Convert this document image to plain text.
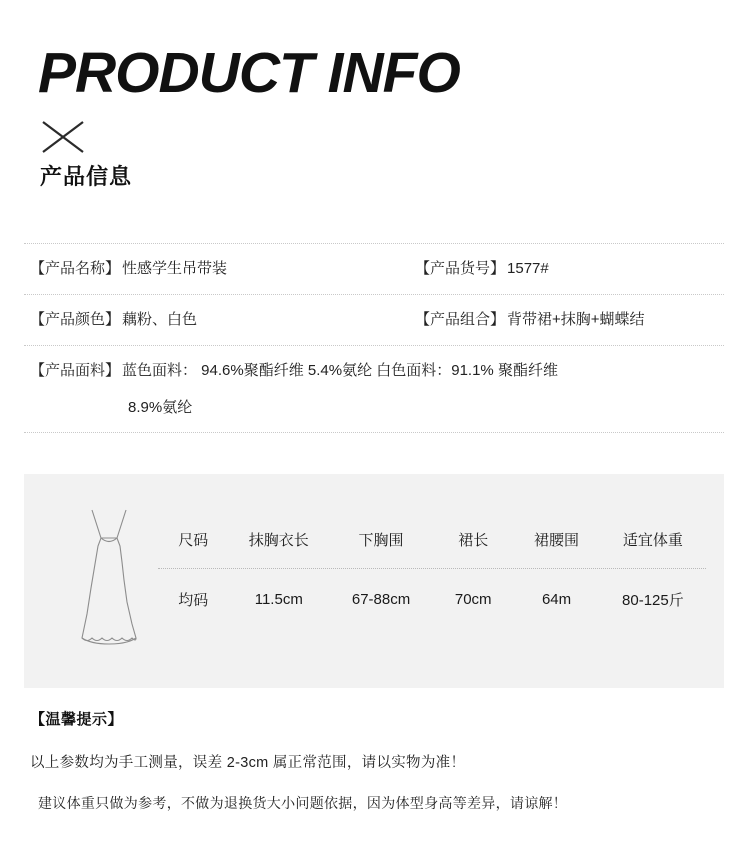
PRODUCT INFO
产品信息
【产品名称】 性感学生吊带装	【产品货号】 1577#
【产品颜色】 藕粉、白色	【产品组合】 背带裙+抹胸+蝴蝶结
【产品面料】 蓝色面料： 94.6%聚酯纤维 5.4%氨纶 白色面料：91.1% 聚酯纤维
8.9%氨纶
尺码	抹胸衣长	下胸围	裙长	裙腰围	适宜体重

均码	11.5cm	67-88cm	70cm	64m	80-125斤
【温馨提示】
以上参数均为手工测量，误差 2-3cm 属正常范围，请以实物为准！
建议体重只做为参考，不做为退换货大小问题依据，因为体型身高等差异，请谅解！
